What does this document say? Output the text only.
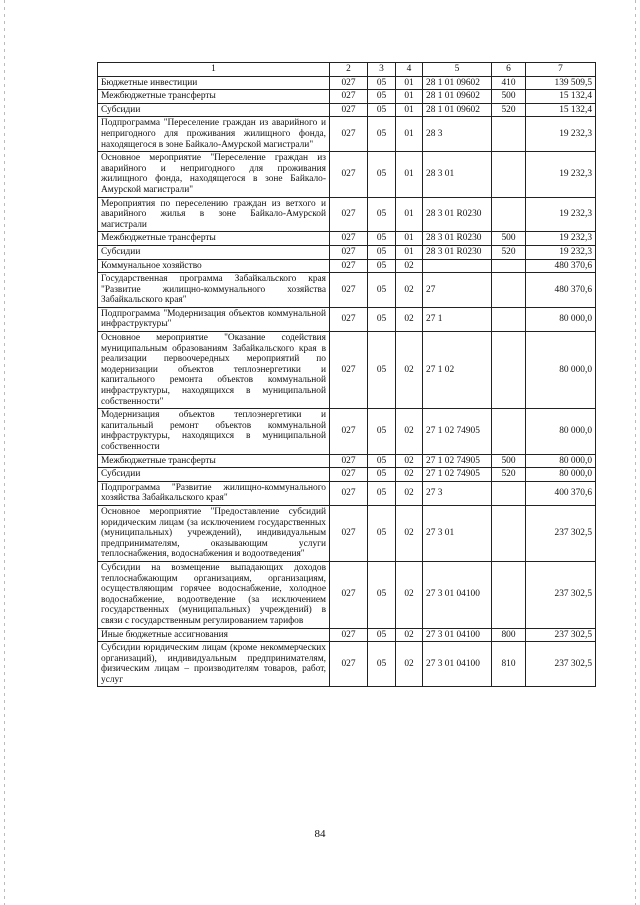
1	2	3	4	5	6	7
Бюджетные инвестиции	027	05	01	28 1 01 09602	410	139 509,5
Межбюджетные трансферты	027	05	01	28 1 01 09602	500	15 132,4
Субсидии	027	05	01	28 1 01 09602	520	15 132,4
Подпрограмма "Переселение граждан из аварийного и непригодного для проживания жилищного фонда, находящегося в зоне Байкало-Амурской магистрали"	027	05	01	28 3		19 232,3
Основное мероприятие "Переселение граждан из аварийного и непригодного для проживания жилищного фонда, находящегося в зоне Байкало-Амурской магистрали"	027	05	01	28 3 01		19 232,3
Мероприятия по переселению граждан из ветхого и аварийного жилья в зоне Байкало-Амурской магистрали	027	05	01	28 3 01 R0230		19 232,3
Межбюджетные трансферты	027	05	01	28 3 01 R0230	500	19 232,3
Субсидии	027	05	01	28 3 01 R0230	520	19 232,3
Коммунальное хозяйство	027	05	02			480 370,6
Государственная программа Забайкальского края "Развитие жилищно-коммунального хозяйства Забайкальского края"	027	05	02	27		480 370,6
Подпрограмма "Модернизация объектов коммунальной инфраструктуры"	027	05	02	27 1		80 000,0
Основное мероприятие "Оказание содействия муниципальным образованиям Забайкальского края в реализации первоочередных мероприятий по модернизации объектов теплоэнергетики и капитального ремонта объектов коммунальной инфраструктуры, находящихся в муниципальной собственности"	027	05	02	27 1 02		80 000,0
Модернизация объектов теплоэнергетики и капитальный ремонт объектов коммунальной инфраструктуры, находящихся в муниципальной собственности	027	05	02	27 1 02 74905		80 000,0
Межбюджетные трансферты	027	05	02	27 1 02 74905	500	80 000,0
Субсидии	027	05	02	27 1 02 74905	520	80 000,0
Подпрограмма "Развитие жилищно-коммунального хозяйства Забайкальского края"	027	05	02	27 3		400 370,6
Основное мероприятие "Предоставление субсидий юридическим лицам (за исключением государственных (муниципальных) учреждений), индивидуальным предпринимателям, оказывающим услуги теплоснабжения, водоснабжения и водоотведения"	027	05	02	27 3 01		237 302,5
Субсидии на возмещение выпадающих доходов теплоснабжающим организациям, организациям, осуществляющим горячее водоснабжение, холодное водоснабжение, водоотведение (за исключением государственных (муниципальных) учреждений) в связи с государственным регулированием тарифов	027	05	02	27 3 01 04100		237 302,5
Иные бюджетные ассигнования	027	05	02	27 3 01 04100	800	237 302,5
Субсидии юридическим лицам (кроме некоммерческих организаций), индивидуальным предпринимателям, физическим лицам – производителям товаров, работ, услуг	027	05	02	27 3 01 04100	810	237 302,5
84
